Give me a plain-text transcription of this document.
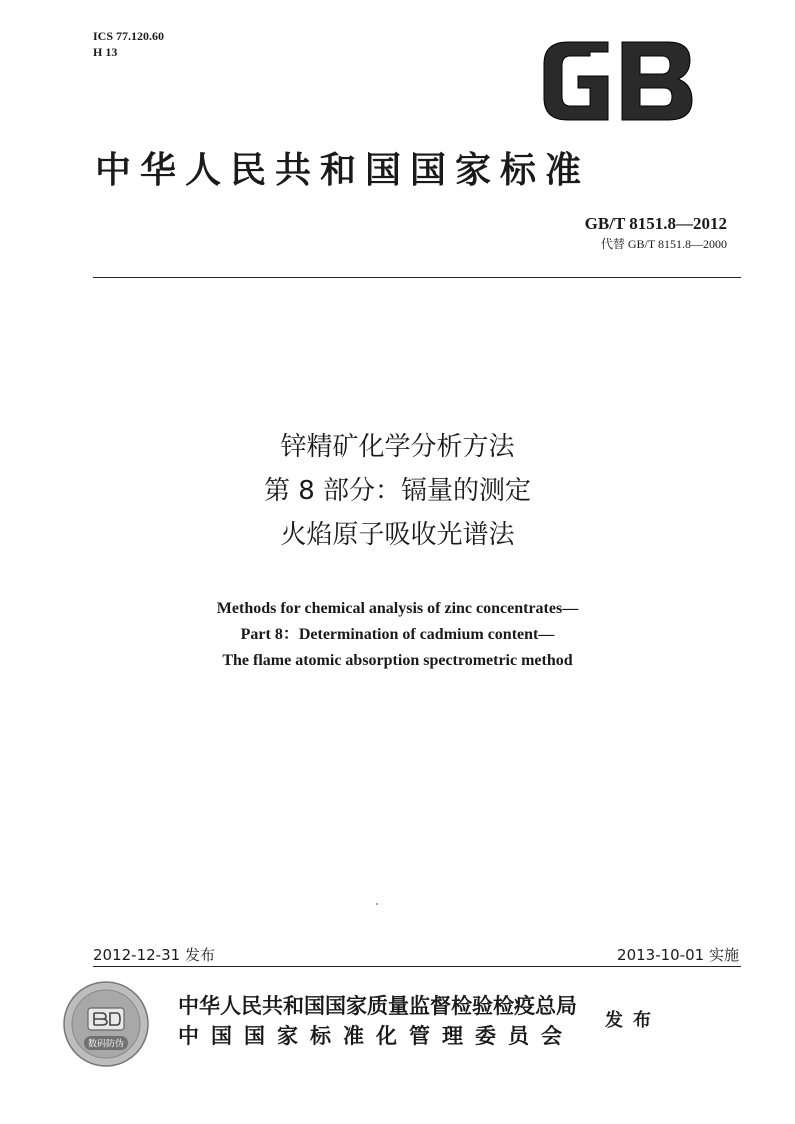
ICS 77.120.60
H 13
GB
中华人民共和国国家标准
GB/T 8151.8—2012
代替 GB/T 8151.8—2000
锌精矿化学分析方法
第 8 部分：镉量的测定
火焰原子吸收光谱法
Methods for chemical analysis of zinc concentrates—
Part 8：Determination of cadmium content—
The flame atomic absorption spectrometric method
2012-12-31 发布	2013-10-01 实施
数码防伪
中华人民共和国国家质量监督检验检疫总局
中国国家标准化管理委员会
发布
